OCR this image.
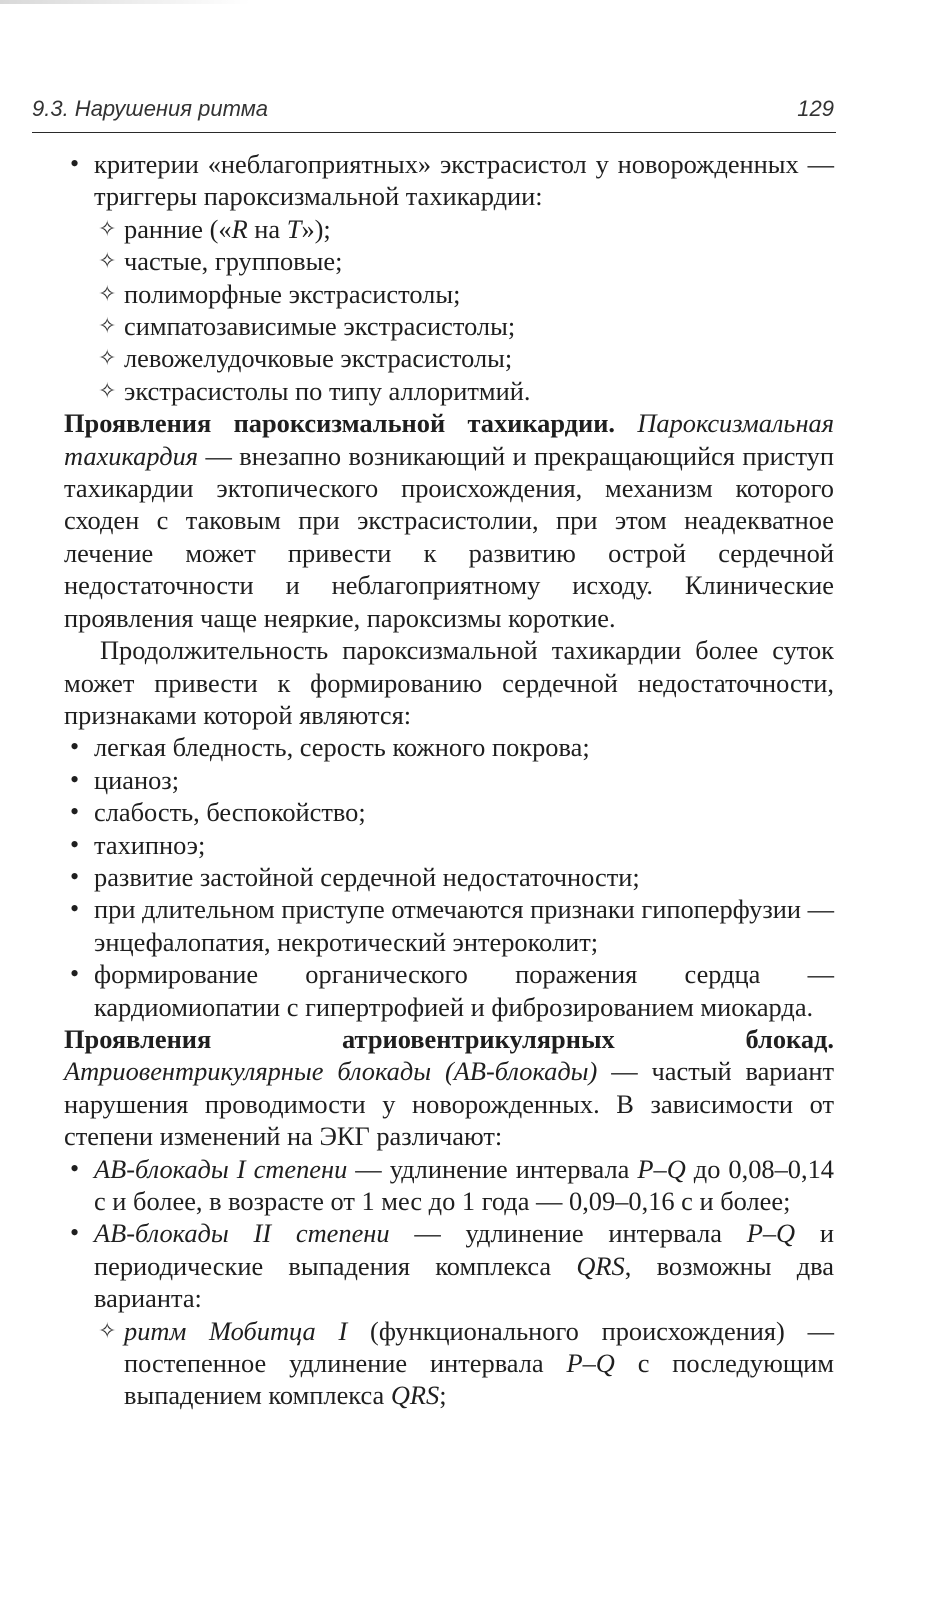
9.3. Нарушения ритма	129
• критерии «неблагоприятных» экстрасистол у новорожденных — триггеры пароксизмальной тахикардии:
✧ ранние («R на T»);
✧ частые, групповые;
✧ полиморфные экстрасистолы;
✧ симпатозависимые экстрасистолы;
✧ левожелудочковые экстрасистолы;
✧ экстрасистолы по типу аллоритмий.

Проявления пароксизмальной тахикардии. Пароксизмальная тахикардия — внезапно возникающий и прекращающийся приступ тахикардии эктопического происхождения, механизм которого сходен с таковым при экстрасистолии, при этом неадекватное лечение может привести к развитию острой сердечной недостаточности и неблагоприятному исходу. Клинические проявления чаще неяркие, пароксизмы короткие.

Продолжительность пароксизмальной тахикардии более суток может привести к формированию сердечной недостаточности, признаками которой являются:

• легкая бледность, серость кожного покрова;
• цианоз;
• слабость, беспокойство;
• тахипноэ;
• развитие застойной сердечной недостаточности;
• при длительном приступе отмечаются признаки гипоперфузии — энцефалопатия, некротический энтероколит;
• формирование органического поражения сердца — кардиомиопатии с гипертрофией и фиброзированием миокарда.

Проявления атриовентрикулярных блокад. Атриовентрикулярные блокады (АВ-блокады) — частый вариант нарушения проводимости у новорожденных. В зависимости от степени изменений на ЭКГ различают:

• АВ-блокады I степени — удлинение интервала P–Q до 0,08–0,14 с и более, в возрасте от 1 мес до 1 года — 0,09–0,16 с и более;
• АВ-блокады II степени — удлинение интервала P–Q и периодические выпадения комплекса QRS, возможны два варианта:
✧ ритм Мобитца I (функционального происхождения) — постепенное удлинение интервала P–Q с последующим выпадением комплекса QRS;
